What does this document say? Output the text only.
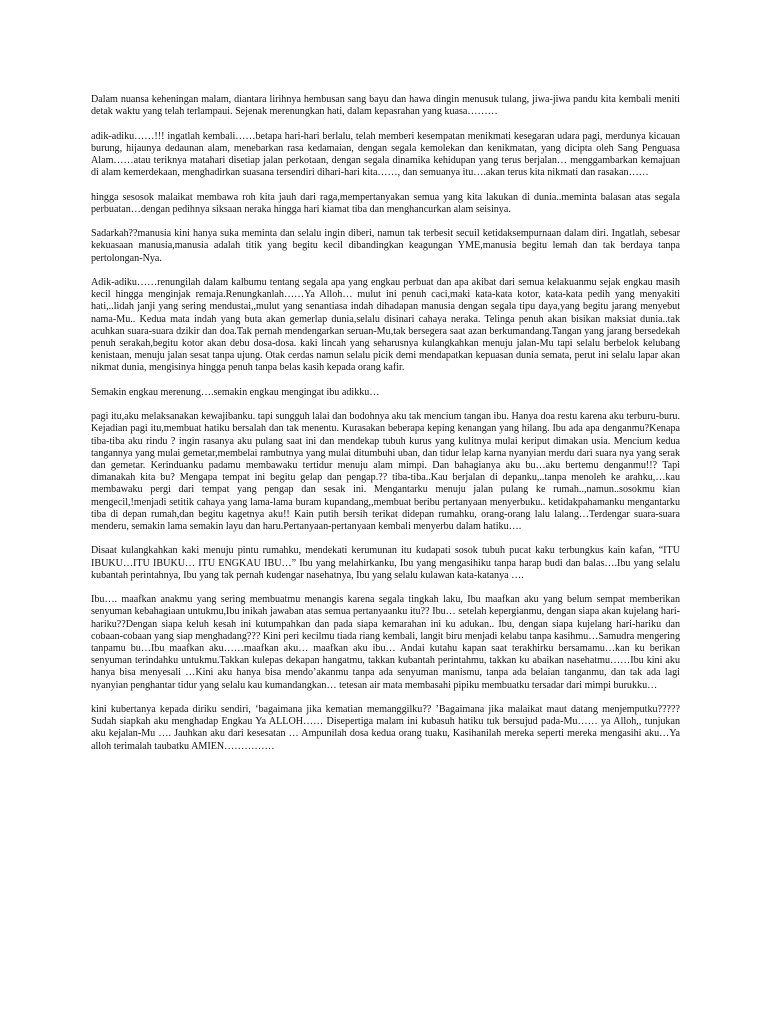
Dalam nuansa keheningan malam, diantara lirihnya hembusan sang bayu dan hawa dingin menusuk tulang, jiwa-jiwa pandu kita kembali meniti detak waktu yang telah terlampaui. Sejenak merenungkan hati, dalam kepasrahan yang kuasa………

adik-adiku……!!! ingatlah kembali……betapa hari-hari berlalu, telah memberi kesempatan menikmati kesegaran udara pagi, merdunya kicauan burung, hijaunya dedaunan alam, menebarkan rasa kedamaian, dengan segala kemolekan dan kenikmatan, yang dicipta oleh Sang Penguasa Alam……atau teriknya matahari disetiap jalan perkotaan, dengan segala dinamika kehidupan yang terus berjalan… menggambarkan kemajuan di alam kemerdekaan, menghadirkan suasana tersendiri dihari-hari kita……, dan semuanya itu….akan terus kita nikmati dan rasakan……

hingga sesosok malaikat membawa roh kita jauh dari raga,mempertanyakan semua yang kita lakukan di dunia..meminta balasan atas segala perbuatan…dengan pedihnya siksaan neraka hingga hari kiamat tiba dan menghancurkan alam seisinya.

Sadarkah??manusia kini hanya suka meminta dan selalu ingin diberi, namun tak terbesit secuil ketidaksempurnaan dalam diri. Ingatlah, sebesar kekuasaan manusia,manusia adalah titik yang begitu kecil dibandingkan keagungan YME,manusia begitu lemah dan tak berdaya tanpa pertolongan-Nya.

Adik-adiku……renungilah dalam kalbumu tentang segala apa yang engkau perbuat dan apa akibat dari semua kelakuanmu sejak engkau masih kecil hingga menginjak remaja.Renungkanlah……Ya Alloh… mulut ini penuh caci,maki kata-kata kotor, kata-kata pedih yang menyakiti hati,..lidah janji yang sering mendustai,,mulut yang senantiasa indah dihadapan manusia dengan segala tipu daya,yang begitu jarang menyebut nama-Mu.. Kedua mata indah yang buta akan gemerlap dunia,selalu disinari cahaya neraka. Telinga penuh akan bisikan maksiat dunia..tak acuhkan suara-suara dzikir dan doa.Tak pernah mendengarkan seruan-Mu,tak bersegera saat azan berkumandang.Tangan yang jarang bersedekah penuh serakah,begitu kotor akan debu dosa-dosa. kaki lincah yang seharusnya kulangkahkan menuju jalan-Mu tapi selalu berbelok kelubang kenistaan, menuju jalan sesat tanpa ujung. Otak cerdas namun selalu picik demi mendapatkan kepuasan dunia semata, perut ini selalu lapar akan nikmat dunia, mengisinya hingga penuh tanpa belas kasih kepada orang kafir.

Semakin engkau merenung….semakin engkau mengingat ibu adikku…

pagi itu,aku melaksanakan kewajibanku. tapi sungguh lalai dan bodohnya aku tak mencium tangan ibu. Hanya doa restu karena aku terburu-buru. Kejadian pagi itu,membuat hatiku bersalah dan tak menentu. Kurasakan beberapa keping kenangan yang hilang. Ibu ada apa denganmu?Kenapa tiba-tiba aku rindu ? ingin rasanya aku pulang saat ini dan mendekap tubuh kurus yang kulitnya mulai keriput dimakan usia. Mencium kedua tangannya yang mulai gemetar,membelai rambutnya yang mulai ditumbuhi uban, dan tidur lelap karna nyanyian merdu dari suara nya yang serak dan gemetar. Kerinduanku padamu membawaku tertidur menuju alam mimpi. Dan bahagianya aku bu…aku bertemu denganmu!!? Tapi dimanakah kita bu? Mengapa tempat ini begitu gelap dan pengap.?? tiba-tiba..Kau berjalan di depanku,..tanpa menoleh ke arahku,…kau membawaku pergi dari tempat yang pengap dan sesak ini. Mengantarku menuju jalan pulang ke rumah..,namun..sosokmu kian mengecil,!menjadi setitik cahaya yang lama-lama buram kupandang,,membuat beribu pertanyaan menyerbuku.. ketidakpahamanku mengantarku tiba di depan rumah,dan begitu kagetnya aku!! Kain putih bersih terikat didepan rumahku, orang-orang lalu lalang…Terdengar suara-suara menderu, semakin lama semakin layu dan haru.Pertanyaan-pertanyaan kembali menyerbu dalam hatiku….

Disaat kulangkahkan kaki menuju pintu rumahku, mendekati kerumunan itu kudapati sosok tubuh pucat kaku terbungkus kain kafan, “ITU IBUKU…ITU IBUKU… ITU ENGKAU IBU…” Ibu yang melahirkanku, Ibu yang mengasihiku tanpa harap budi dan balas….Ibu yang selalu kubantah perintahnya, Ibu yang tak pernah kudengar nasehatnya, Ibu yang selalu kulawan kata-katanya ….

Ibu…. maafkan anakmu yang sering membuatmu menangis karena segala tingkah laku, Ibu maafkan aku yang belum sempat memberikan senyuman kebahagiaan untukmu,Ibu inikah jawaban atas semua pertanyaanku itu?? Ibu… setelah kepergianmu, dengan siapa akan kujelang hari-hariku??Dengan siapa keluh kesah ini kutumpahkan dan pada siapa kemarahan ini ku adukan.. Ibu, dengan siapa kujelang hari-hariku dan cobaan-cobaan yang siap menghadang??? Kini peri kecilmu tiada riang kembali, langit biru menjadi kelabu tanpa kasihmu…Samudra mengering tanpamu bu…Ibu maafkan aku……maafkan aku… maafkan aku ibu… Andai kutahu kapan saat terakhirku bersamamu…kan ku berikan senyuman terindahku untukmu.Takkan kulepas dekapan hangatmu, takkan kubantah perintahmu, takkan ku abaikan nasehatmu……Ibu kini aku hanya bisa menyesali …Kini aku hanya bisa mendo’akanmu tanpa ada senyuman manismu, tanpa ada belaian tanganmu, dan tak ada lagi nyanyian penghantar tidur yang selalu kau kumandangkan… tetesan air mata membasahi pipiku membuatku tersadar dari mimpi burukku…

kini kubertanya kepada diriku sendiri, ‘bagaimana jika kematian memanggilku?? ’Bagaimana jika malaikat maut datang menjemputku????? Sudah siapkah aku menghadap Engkau Ya ALLOH…… Disepertiga malam ini kubasuh hatiku tuk bersujud pada-Mu…… ya Alloh,, tunjukan aku kejalan-Mu …. Jauhkan aku dari kesesatan … Ampunilah dosa kedua orang tuaku, Kasihanilah mereka seperti mereka mengasihi aku…Ya alloh terimalah taubatku AMIEN……………
